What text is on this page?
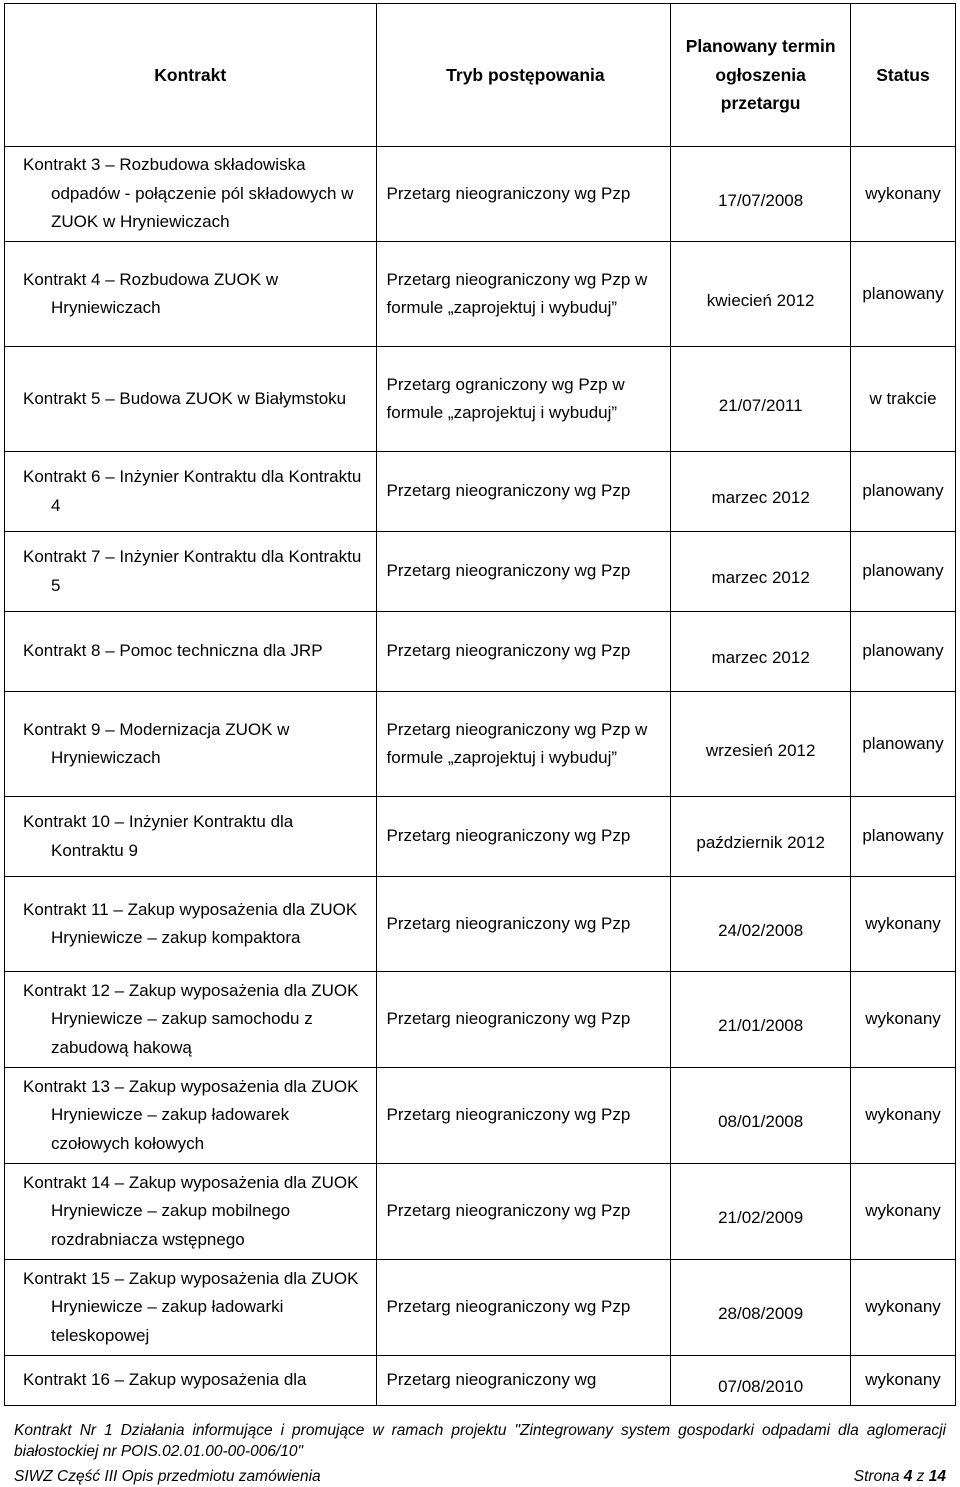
Kontrakt	Tryb postępowania	Planowany termin ogłoszenia przetargu	Status
Kontrakt 3 – Rozbudowa składowiska odpadów - połączenie pól składowych w ZUOK w Hryniewiczach	Przetarg nieograniczony wg Pzp	17/07/2008	wykonany
Kontrakt 4 – Rozbudowa ZUOK w Hryniewiczach	Przetarg nieograniczony wg Pzp w formule „zaprojektuj i wybuduj”	kwiecień 2012	planowany
Kontrakt 5 – Budowa ZUOK w Białymstoku	Przetarg ograniczony wg Pzp w formule „zaprojektuj i wybuduj”	21/07/2011	w trakcie
Kontrakt 6 – Inżynier Kontraktu dla Kontraktu 4	Przetarg nieograniczony wg Pzp	marzec 2012	planowany
Kontrakt 7 – Inżynier Kontraktu dla Kontraktu 5	Przetarg nieograniczony wg Pzp	marzec 2012	planowany
Kontrakt 8 – Pomoc techniczna dla JRP	Przetarg nieograniczony wg Pzp	marzec 2012	planowany
Kontrakt 9 – Modernizacja ZUOK w Hryniewiczach	Przetarg nieograniczony wg Pzp w formule „zaprojektuj i wybuduj”	wrzesień 2012	planowany
Kontrakt 10 – Inżynier Kontraktu dla Kontraktu 9	Przetarg nieograniczony wg Pzp	październik 2012	planowany
Kontrakt 11 – Zakup wyposażenia dla ZUOK Hryniewicze – zakup kompaktora	Przetarg nieograniczony wg Pzp	24/02/2008	wykonany
Kontrakt 12 – Zakup wyposażenia dla ZUOK Hryniewicze – zakup samochodu z zabudową hakową	Przetarg nieograniczony wg Pzp	21/01/2008	wykonany
Kontrakt 13 – Zakup wyposażenia dla ZUOK Hryniewicze – zakup ładowarek czołowych kołowych	Przetarg nieograniczony wg Pzp	08/01/2008	wykonany
Kontrakt 14 – Zakup wyposażenia dla ZUOK Hryniewicze – zakup mobilnego rozdrabniacza wstępnego	Przetarg nieograniczony wg Pzp	21/02/2009	wykonany
Kontrakt 15 – Zakup wyposażenia dla ZUOK Hryniewicze – zakup ładowarki teleskopowej	Przetarg nieograniczony wg Pzp	28/08/2009	wykonany
Kontrakt 16 – Zakup wyposażenia dla	Przetarg nieograniczony wg	07/08/2010	wykonany
Kontrakt Nr 1 Działania informujące i promujące w ramach projektu "Zintegrowany system gospodarki odpadami dla aglomeracji białostockiej nr POIS.02.01.00-00-006/10"
SIWZ Część III Opis przedmiotu zamówienia	Strona 4 z 14
